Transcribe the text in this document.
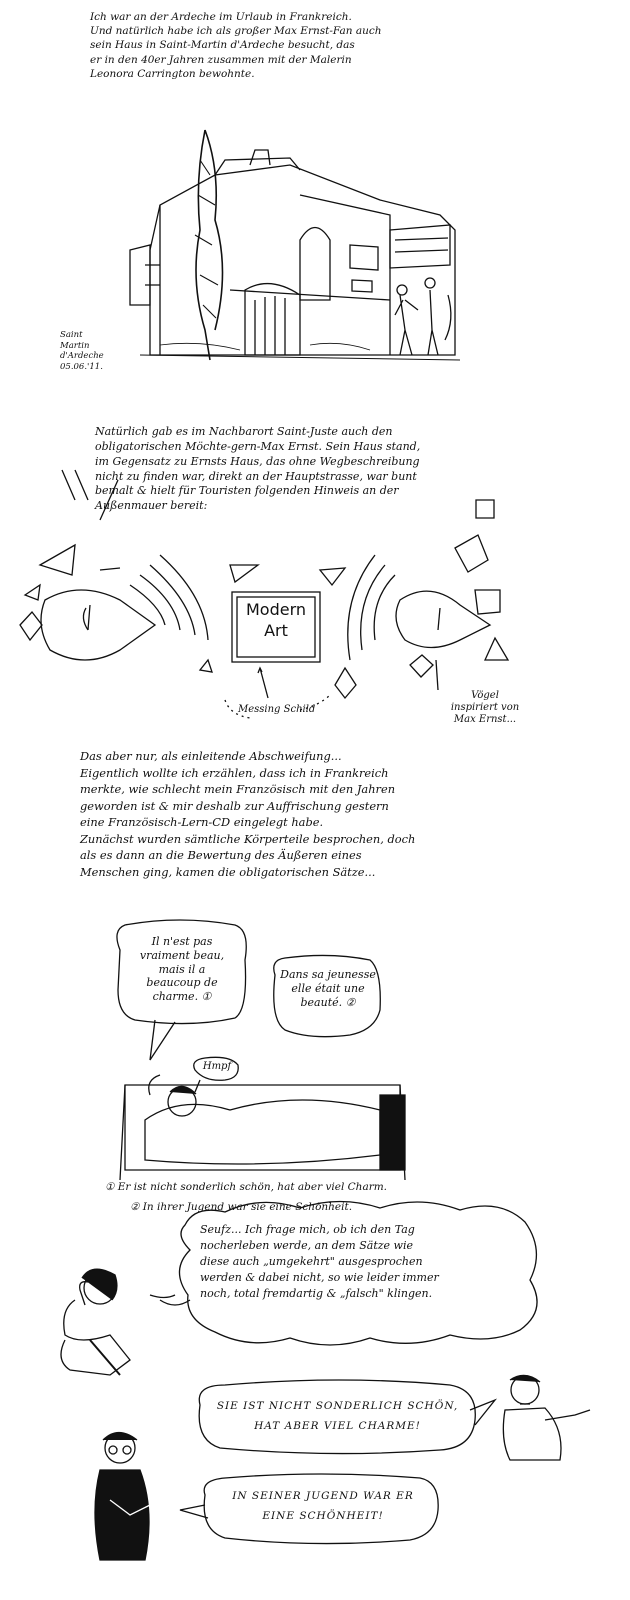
Ich war an der Ardeche im Urlaub in Frankreich.
Und natürlich habe ich als großer Max Ernst-Fan auch
sein Haus in Saint-Martin d'Ardeche besucht, das
er in den 40er Jahren zusammen mit der Malerin
Leonora Carrington bewohnte.
Saint
Martin
d'Ardeche
05.06.'11.
Natürlich gab es im Nachbarort Saint-Juste auch den
obligatorischen Möchte-gern-Max Ernst. Sein Haus stand,
im Gegensatz zu Ernsts Haus, das ohne Wegbeschreibung
nicht zu finden war, direkt an der Hauptstrasse, war bunt
bemalt & hielt für Touristen folgenden Hinweis an der
Außenmauer bereit:
Modern
Art
Messing Schild
Vögel
inspiriert von
Max Ernst...
Das aber nur, als einleitende Abschweifung...
Eigentlich wollte ich erzählen, dass ich in Frankreich
merkte, wie schlecht mein Französisch mit den Jahren
geworden ist & mir deshalb zur Auffrischung gestern
eine Französisch-Lern-CD eingelegt habe.
Zunächst wurden sämtliche Körperteile besprochen, doch
als es dann an die Bewertung des Äußeren eines
Menschen ging, kamen die obligatorischen Sätze...
Il n'est pas
vraiment beau,
mais il a
beaucoup de
charme. ①
Dans sa jeunesse
elle était une
beauté. ②
Hmpf
① Er ist nicht sonderlich schön, hat aber viel Charm.
② In ihrer Jugend war sie eine Schönheit.
Seufz... Ich frage mich, ob ich den Tag
nocherleben werde, an dem Sätze wie
diese auch „umgekehrt" ausgesprochen
werden & dabei nicht, so wie leider immer
noch, total fremdartig & „falsch" klingen.
SIE IST NICHT SONDERLICH SCHÖN,
HAT ABER VIEL CHARME!
IN SEINER JUGEND WAR ER
EINE SCHÖNHEIT!
